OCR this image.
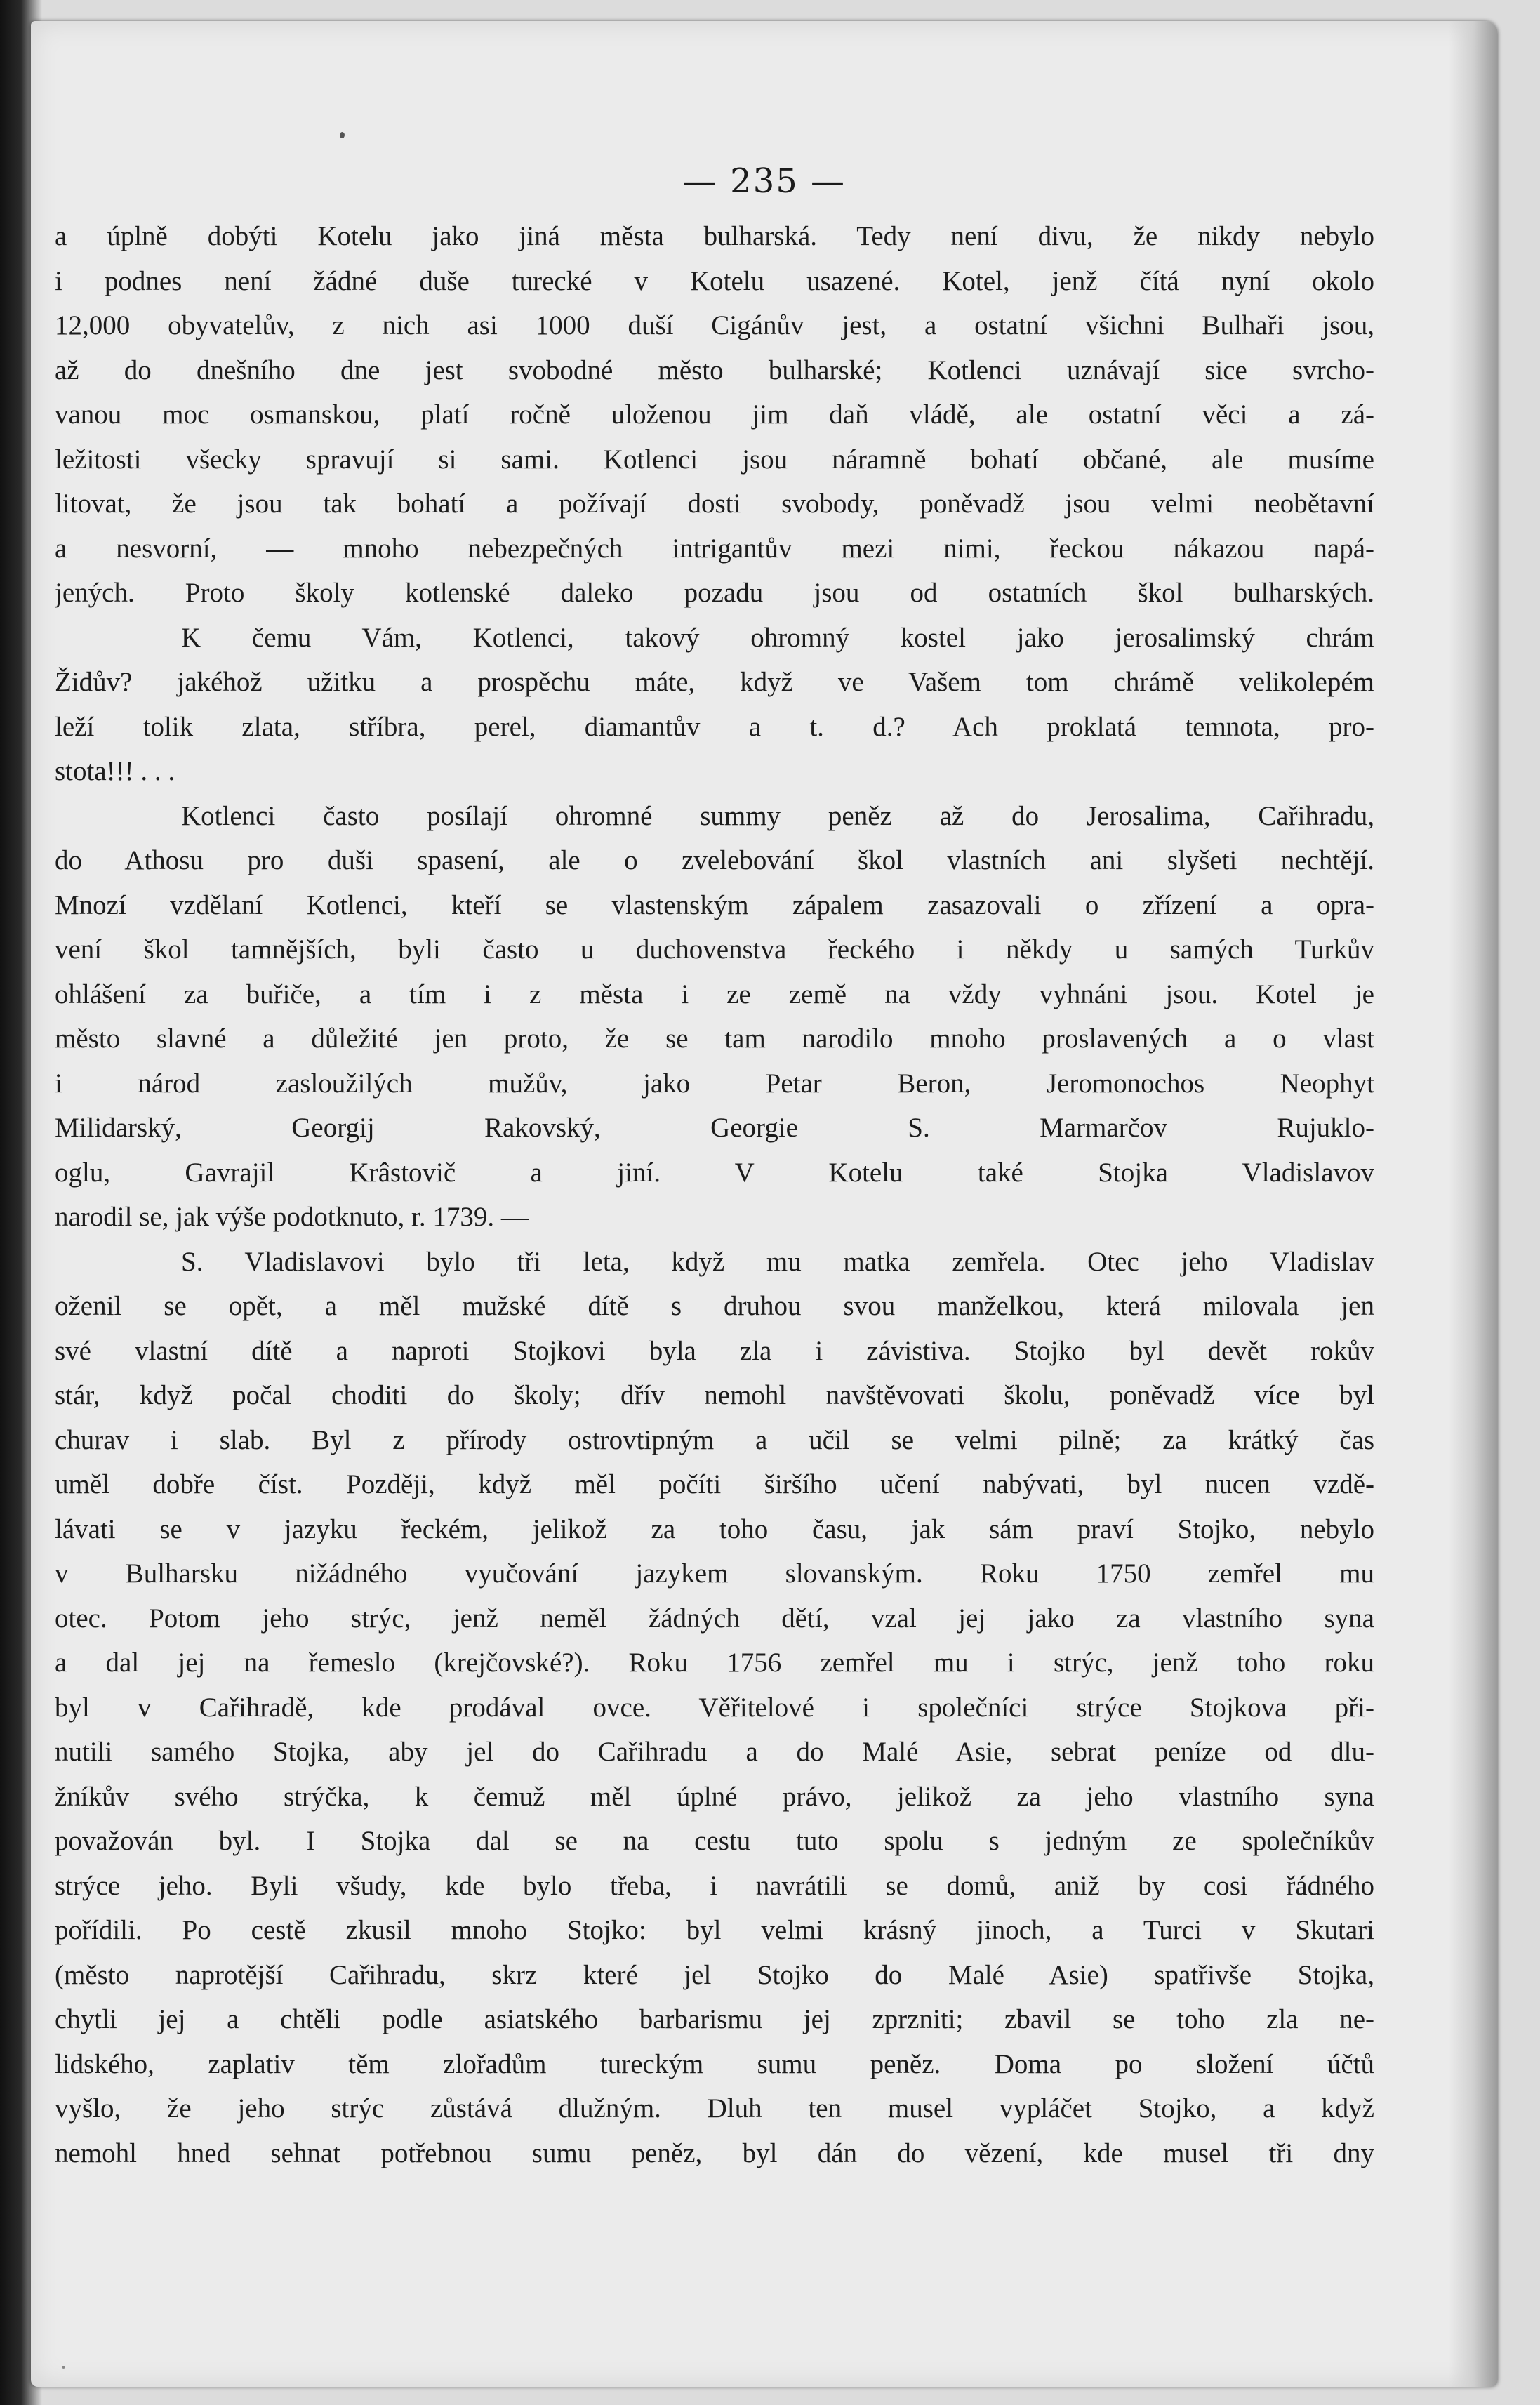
— 235 —
a úplně dobýti Kotelu jako jiná města bulharská. Tedy není divu, že nikdy nebylo
i podnes není žádné duše turecké v Kotelu usazené. Kotel, jenž čítá nyní okolo
12,000 obyvatelův, z nich asi 1000 duší Cigánův jest, a ostatní všichni Bulhaři jsou,
až do dnešního dne jest svobodné město bulharské; Kotlenci uznávají sice svrcho-
vanou moc osmanskou, platí ročně uloženou jim daň vládě, ale ostatní věci a zá-
ležitosti všecky spravují si sami. Kotlenci jsou náramně bohatí občané, ale musíme
litovat, že jsou tak bohatí a požívají dosti svobody, poněvadž jsou velmi neobětavní
a nesvorní, — mnoho nebezpečných intrigantův mezi nimi, řeckou nákazou napá-
jených. Proto školy kotlenské daleko pozadu jsou od ostatních škol bulharských.
K čemu Vám, Kotlenci, takový ohromný kostel jako jerosalimský chrám
Židův? jakéhož užitku a prospěchu máte, když ve Vašem tom chrámě velikolepém
leží tolik zlata, stříbra, perel, diamantův a t. d.? Ach proklatá temnota, pro-
stota!!! . . .
Kotlenci často posílají ohromné summy peněz až do Jerosalima, Cařihradu,
do Athosu pro duši spasení, ale o zvelebování škol vlastních ani slyšeti nechtějí.
Mnozí vzdělaní Kotlenci, kteří se vlastenským zápalem zasazovali o zřízení a opra-
vení škol tamnějších, byli často u duchovenstva řeckého i někdy u samých Turkův
ohlášení za buřiče, a tím i z města i ze země na vždy vyhnáni jsou. Kotel je
město slavné a důležité jen proto, že se tam narodilo mnoho proslavených a o vlast
i národ zasloužilých mužův, jako Petar Beron, Jeromonochos Neophyt
Milidarský, Georgij Rakovský, Georgie S. Marmarčov Rujuklo-
oglu, Gavrajil Krâstovič a jiní. V Kotelu také Stojka Vladislavov
narodil se, jak výše podotknuto, r. 1739. —
S. Vladislavovi bylo tři leta, když mu matka zemřela. Otec jeho Vladislav
oženil se opět, a měl mužské dítě s druhou svou manželkou, která milovala jen
své vlastní dítě a naproti Stojkovi byla zla i závistiva. Stojko byl devět rokův
stár, když počal choditi do školy; dřív nemohl navštěvovati školu, poněvadž více byl
churav i slab. Byl z přírody ostrovtipným a učil se velmi pilně; za krátký čas
uměl dobře číst. Později, když měl počíti širšího učení nabývati, byl nucen vzdě-
lávati se v jazyku řeckém, jelikož za toho času, jak sám praví Stojko, nebylo
v Bulharsku nižádného vyučování jazykem slovanským. Roku 1750 zemřel mu
otec. Potom jeho strýc, jenž neměl žádných dětí, vzal jej jako za vlastního syna
a dal jej na řemeslo (krejčovské?). Roku 1756 zemřel mu i strýc, jenž toho roku
byl v Cařihradě, kde prodával ovce. Věřitelové i společníci strýce Stojkova při-
nutili samého Stojka, aby jel do Cařihradu a do Malé Asie, sebrat peníze od dlu-
žníkův svého strýčka, k čemuž měl úplné právo, jelikož za jeho vlastního syna
považován byl. I Stojka dal se na cestu tuto spolu s jedným ze společníkův
strýce jeho. Byli všudy, kde bylo třeba, i navrátili se domů, aniž by cosi řádného
pořídili. Po cestě zkusil mnoho Stojko: byl velmi krásný jinoch, a Turci v Skutari
(město naprotější Cařihradu, skrz které jel Stojko do Malé Asie) spatřivše Stojka,
chytli jej a chtěli podle asiatského barbarismu jej zprzniti; zbavil se toho zla ne-
lidského, zaplativ těm zlořadům tureckým sumu peněz. Doma po složení účtů
vyšlo, že jeho strýc zůstává dlužným. Dluh ten musel vypláčet Stojko, a když
nemohl hned sehnat potřebnou sumu peněz, byl dán do vězení, kde musel tři dny
